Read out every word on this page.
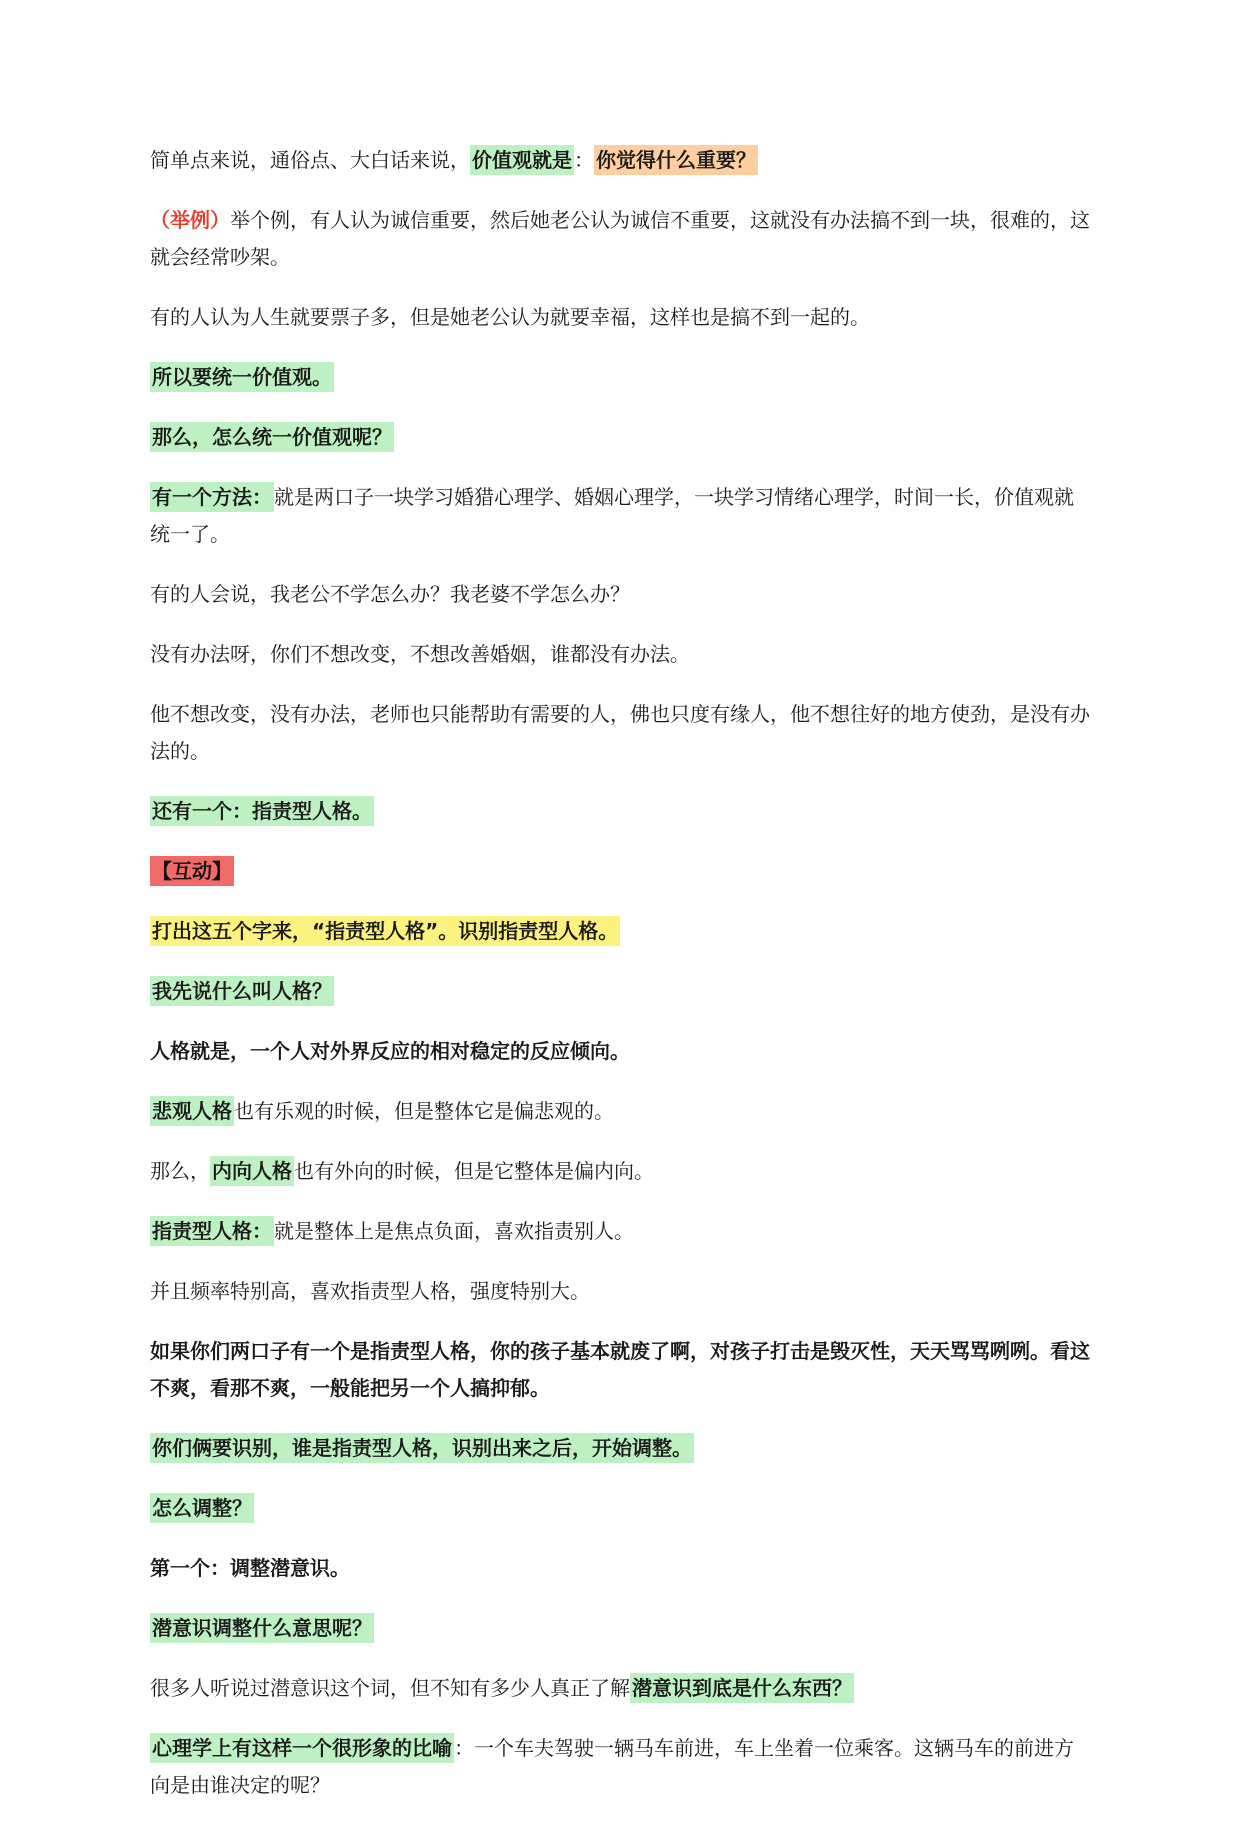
简单点来说，通俗点、大白话来说， 价值观就是 ： 你觉得什么重要？

（举例）举个例，有人认为诚信重要，然后她老公认为诚信不重要，这就没有办法搞不到一块，很难的，这就会经常吵架。

有的人认为人生就要票子多，但是她老公认为就要幸福，这样也是搞不到一起的。

所以要统一价值观。

那么，怎么统一价值观呢？

有一个方法： 就是两口子一块学习婚猎心理学、婚姻心理学，一块学习情绪心理学，时间一长，价值观就统一了。

有的人会说，我老公不学怎么办？我老婆不学怎么办？

没有办法呀，你们不想改变，不想改善婚姻，谁都没有办法。

他不想改变，没有办法，老师也只能帮助有需要的人，佛也只度有缘人，他不想往好的地方使劲，是没有办法的。

还有一个：指责型人格。

【互动】

打出这五个字来，“指责型人格”。识别指责型人格。

我先说什么叫人格？

人格就是，一个人对外界反应的相对稳定的反应倾向。

悲观人格 也有乐观的时候，但是整体它是偏悲观的。

那么， 内向人格 也有外向的时候，但是它整体是偏内向。

指责型人格： 就是整体上是焦点负面，喜欢指责别人。

并且频率特别高，喜欢指责型人格，强度特别大。

如果你们两口子有一个是指责型人格，你的孩子基本就废了啊，对孩子打击是毁灭性，天天骂骂咧咧。看这不爽，看那不爽，一般能把另一个人搞抑郁。

你们俩要识别，谁是指责型人格，识别出来之后，开始调整。

怎么调整？

第一个：调整潜意识。

潜意识调整什么意思呢？

很多人听说过潜意识这个词，但不知有多少人真正了解 潜意识到底是什么东西？

心理学上有这样一个很形象的比喻 ：一个车夫驾驶一辆马车前进，车上坐着一位乘客。这辆马车的前进方向是由谁决定的呢？
